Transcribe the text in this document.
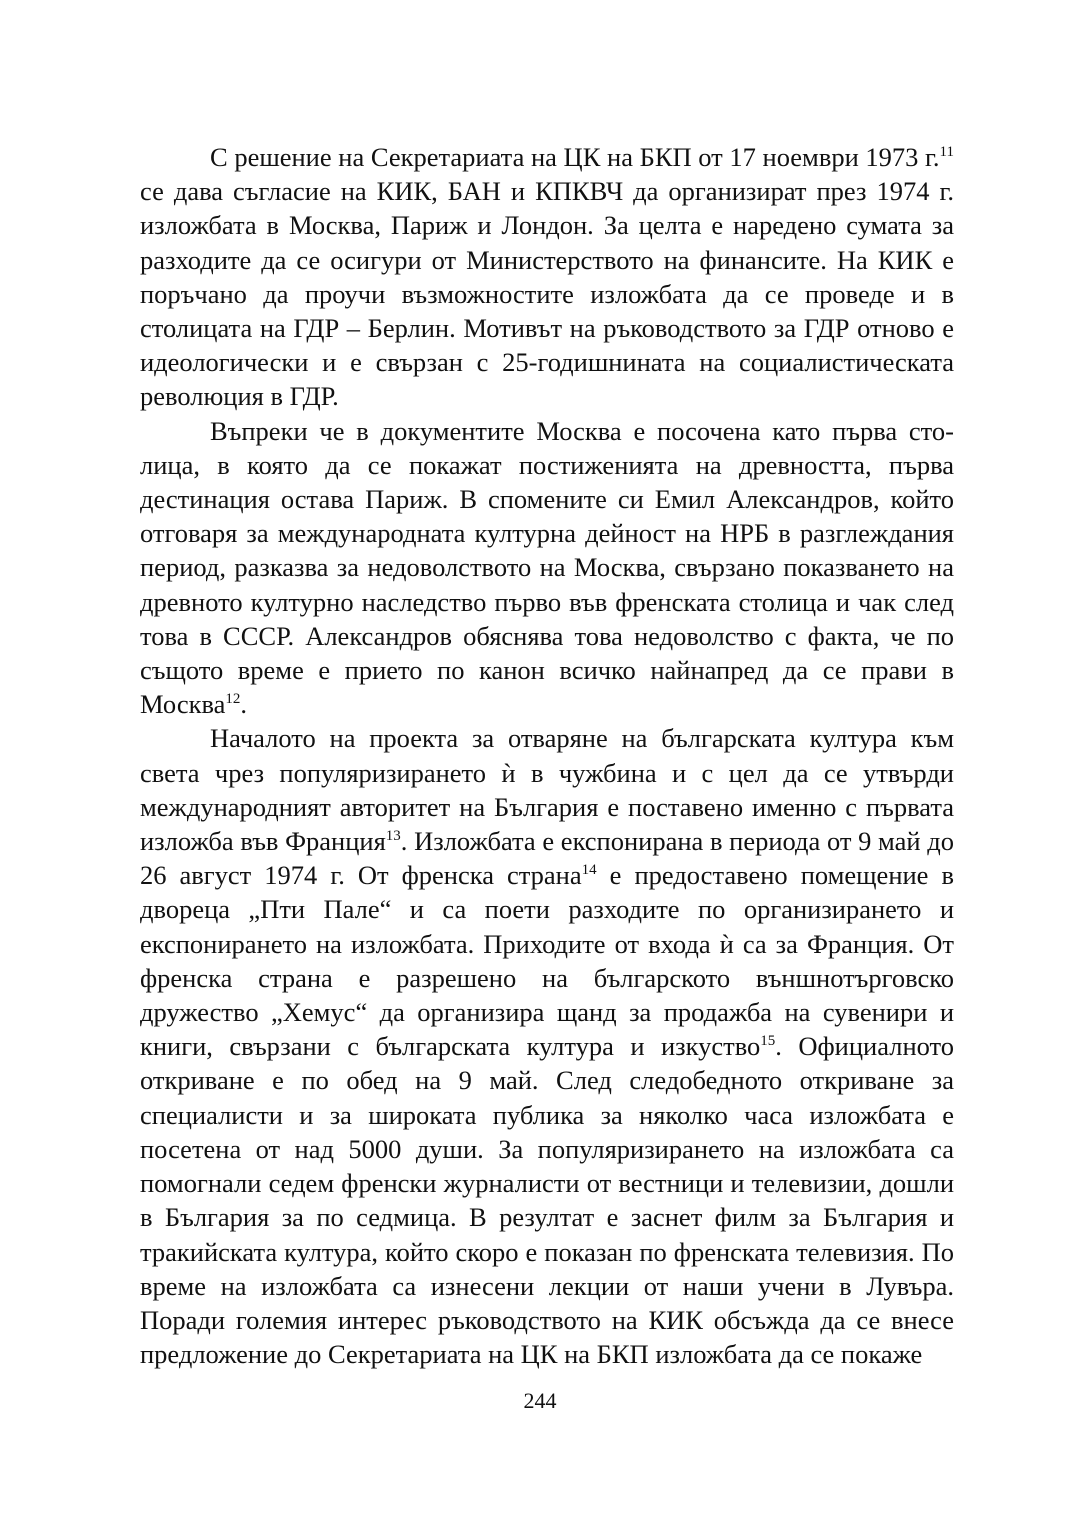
С решение на Секретариата на ЦК на БКП от 17 ноември 1973 г.$^{11}$ се дава съгласие на КИК, БАН и КПКВЧ да организират през 1974 г. изложбата в Москва, Париж и Лондон. За целта е наредено сумата за разходите да се осигури от Министерството на финансите. На КИК е поръчано да проучи възможностите изложбата да се проведе и в столицата на ГДР – Берлин. Мотивът на ръководството за ГДР отново е идеологически и е свързан с 25-годишнината на социалистическата революция в ГДР.

Въпреки че в документите Москва е посочена като първа столица, в която да се покажат постиженията на древността, първа дестинация остава Париж. В спомените си Емил Александров, който отговаря за международната културна дейност на НРБ в разглеждания период, разказва за недоволството на Москва, свързано показването на древното културно наследство първо във френската столица и чак след това в СССР. Александров обяснява това недоволство с факта, че по същото време е прието по канон всичко найнапред да се прави в Москва$^{12}$.

Началото на проекта за отваряне на българската култура към света чрез популяризирането ѝ в чужбина и с цел да се утвърди международният авторитет на България е поставено именно с първата изложба във Франция$^{13}$. Изложбата е експонирана в периода от 9 май до 26 август 1974 г. От френска страна$^{14}$ е предоставено помещение в двореца „Пти Пале“ и са поети разходите по организирането и експонирането на изложбата. Приходите от входа ѝ са за Франция. От френска страна е разрешено на българското външнотърговско дружество „Хемус“ да организира щанд за продажба на сувенири и книги, свързани с българската култура и изкуство$^{15}$. Официалното откриване е по обед на 9 май. След следобедното откриване за специалисти и за широката публика за няколко часа изложбата е посетена от над 5000 души. За популяризирането на изложбата са помогнали седем френски журналисти от вестници и телевизии, дошли в България за по седмица. В резултат е заснет филм за България и тракийската култура, който скоро е показан по френската телевизия. По време на изложбата са изнесени лекции от наши учени в Лувъра. Поради големия интерес ръководството на КИК обсъжда да се внесе предложение до Секретариата на ЦК на БКП изложбата да се покаже

244
